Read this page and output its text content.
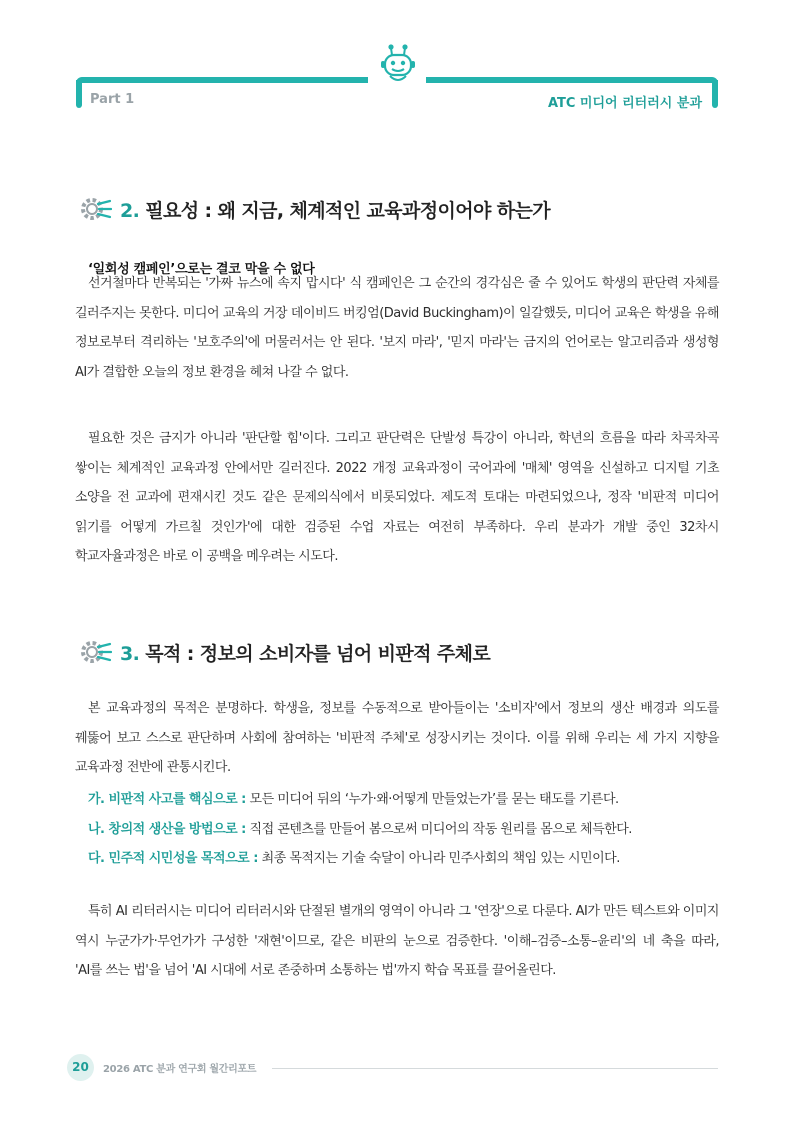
Part 1	ATC 미디어 리터러시 분과
2. 필요성 : 왜 지금, 체계적인 교육과정이어야 하는가
‘일회성 캠페인’으로는 결코 막을 수 없다
선거철마다 반복되는 '가짜 뉴스에 속지 맙시다' 식 캠페인은 그 순간의 경각심은 줄 수 있어도 학생의 판단력 자체를 길러주지는 못한다. 미디어 교육의 거장 데이비드 버킹엄(David Buckingham)이 일갈했듯, 미디어 교육은 학생을 유해 정보로부터 격리하는 '보호주의'에 머물러서는 안 된다. '보지 마라', '믿지 마라'는 금지의 언어로는 알고리즘과 생성형 AI가 결합한 오늘의 정보 환경을 헤쳐 나갈 수 없다.
필요한 것은 금지가 아니라 '판단할 힘'이다. 그리고 판단력은 단발성 특강이 아니라, 학년의 흐름을 따라 차곡차곡 쌓이는 체계적인 교육과정 안에서만 길러진다. 2022 개정 교육과정이 국어과에 '매체' 영역을 신설하고 디지털 기초 소양을 전 교과에 편재시킨 것도 같은 문제의식에서 비롯되었다. 제도적 토대는 마련되었으나, 정작 '비판적 미디어 읽기를 어떻게 가르칠 것인가'에 대한 검증된 수업 자료는 여전히 부족하다. 우리 분과가 개발 중인 32차시 학교자율과정은 바로 이 공백을 메우려는 시도다.
3. 목적 : 정보의 소비자를 넘어 비판적 주체로
본 교육과정의 목적은 분명하다. 학생을, 정보를 수동적으로 받아들이는 '소비자'에서 정보의 생산 배경과 의도를 꿰뚫어 보고 스스로 판단하며 사회에 참여하는 '비판적 주체'로 성장시키는 것이다. 이를 위해 우리는 세 가지 지향을 교육과정 전반에 관통시킨다.
가. 비판적 사고를 핵심으로 : 모든 미디어 뒤의 ‘누가·왜·어떻게 만들었는가’를 묻는 태도를 기른다.
나. 창의적 생산을 방법으로 : 직접 콘텐츠를 만들어 봄으로써 미디어의 작동 원리를 몸으로 체득한다.
다. 민주적 시민성을 목적으로 : 최종 목적지는 기술 숙달이 아니라 민주사회의 책임 있는 시민이다.
특히 AI 리터러시는 미디어 리터러시와 단절된 별개의 영역이 아니라 그 '연장'으로 다룬다. AI가 만든 텍스트와 이미지 역시 누군가가·무언가가 구성한 '재현'이므로, 같은 비판의 눈으로 검증한다. '이해–검증–소통–윤리'의 네 축을 따라, 'AI를 쓰는 법'을 넘어 'AI 시대에 서로 존중하며 소통하는 법'까지 학습 목표를 끌어올린다.
20	2026 ATC 분과 연구회 월간리포트
